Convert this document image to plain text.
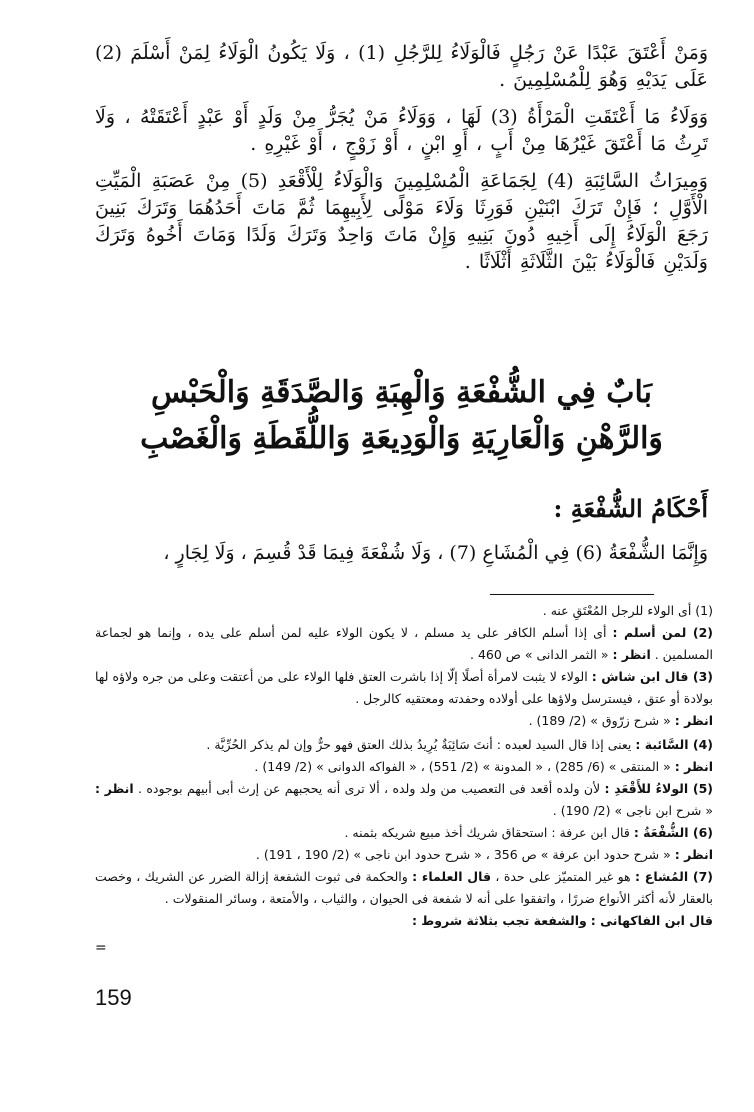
وَمَنْ أَعْتَقَ عَبْدًا عَنْ رَجُلٍ فَالْوَلَاءُ لِلرَّجُلِ (1) ، وَلَا يَكُونُ الْوَلَاءُ لِمَنْ أَسْلَمَ (2) عَلَى يَدَيْهِ وَهُوَ لِلْمُسْلِمِينَ .

وَوَلَاءُ مَا أَعْتَقَتِ الْمَرْأَةُ (3) لَهَا ، وَوَلَاءُ مَنْ يُجَرُّ مِنْ وَلَدٍ أَوْ عَبْدٍ أَعْتَقَتْهُ ، وَلَا تَرِثُ مَا أَعْتَقَ غَيْرُهَا مِنْ أَبٍ ، أَوِ ابْنٍ ، أَوْ زَوْجٍ ، أَوْ غَيْرِهِ .

وَمِيرَاثُ السَّائِبَةِ (4) لِجَمَاعَةِ الْمُسْلِمِينَ وَالْوَلَاءُ لِلْأَقْعَدِ (5) مِنْ عَصَبَةِ الْمَيِّتِ الْأَوَّلِ ؛ فَإِنْ تَرَكَ ابْنَيْنِ فَوَرِثَا وَلَاءَ مَوْلًى لِأَبِيهِمَا ثُمَّ مَاتَ أَحَدُهُمَا وَتَرَكَ بَنِينَ رَجَعَ الْوَلَاءُ إِلَى أَخِيهِ دُونَ بَنِيهِ وَإِنْ مَاتَ وَاحِدٌ وَتَرَكَ وَلَدًا وَمَاتَ أَخُوهُ وَتَرَكَ وَلَدَيْنِ فَالْوَلَاءُ بَيْنَ الثَّلَاثَةِ أَثْلَاثًا .

بَابٌ فِي الشُّفْعَةِ وَالْهِبَةِ وَالصَّدَقَةِ وَالْحَبْسِ
وَالرَّهْنِ وَالْعَارِيَةِ وَالْوَدِيعَةِ وَاللُّقَطَةِ وَالْغَصْبِ
أَحْكَامُ الشُّفْعَةِ :
وَإِنَّمَا الشُّفْعَةُ (6) فِي الْمُشَاعِ (7) ، وَلَا شُفْعَةَ فِيمَا قَدْ قُسِمَ ، وَلَا لِجَارٍ ،

(1) أى الولاء للرجل المُعْتَقِ عنه .

(2) لمن أسلم : أى إذا أسلم الكافر على يد مسلم ، لا يكون الولاء عليه لمن أسلم على يده ، وإنما هو لجماعة المسلمين . انظر : « الثمر الدانى » ص 460 .

(3) قال ابن شاش : الولاء لا يثبت لامرأة أصلًا إلّا إذا باشرت العتق فلها الولاء على من أعتقت وعلى من جره ولاؤه لها بولادة أو عتق ، فيسترسل ولاؤها على أولاده وحفدته ومعتقيه كالرجل .

انظر : « شرح زرّوق » (2/ 189) .

(4) السَّائبة : يعنى إذا قال السيد لعبده : أنتَ سَائِبَةٌ يُرِيدُ بذلك العتق فهو حرٌّ وإن لم يذكر الحُرِّيَّة .

انظر : « المنتقى » (6/ 285) ، « المدونة » (2/ 551) ، « الفواكه الدوانى » (2/ 149) .

(5) الولاءُ للأَقْعَدِ : لأن ولده أقعد فى التعصيب من ولد ولده ، ألا ترى أنه يحجبهم عن إرث أبى أبيهم بوجوده . انظر : « شرح ابن ناجى » (2/ 190) .

(6) الشُّفْعَةُ : قال ابن عرفة : استحقاق شريك أخذ مبيع شريكه بثمنه .

انظر : « شرح حدود ابن عرفة » ص 356 ، « شرح حدود ابن ناجى » (2/ 190 ، 191) .

(7) المُشاع : هو غير المتميّز على حدة ، قال العلماء : والحكمة فى ثبوت الشفعة إزالة الضرر عن الشريك ، وخصت بالعقار لأنه أكثر الأنواع ضررًا ، واتفقوا على أنه لا شفعة فى الحيوان ، والثياب ، والأمتعة ، وسائر المنقولات .

قال ابن الفاكهانى : والشفعة تجب بثلاثة شروط :

=
159
